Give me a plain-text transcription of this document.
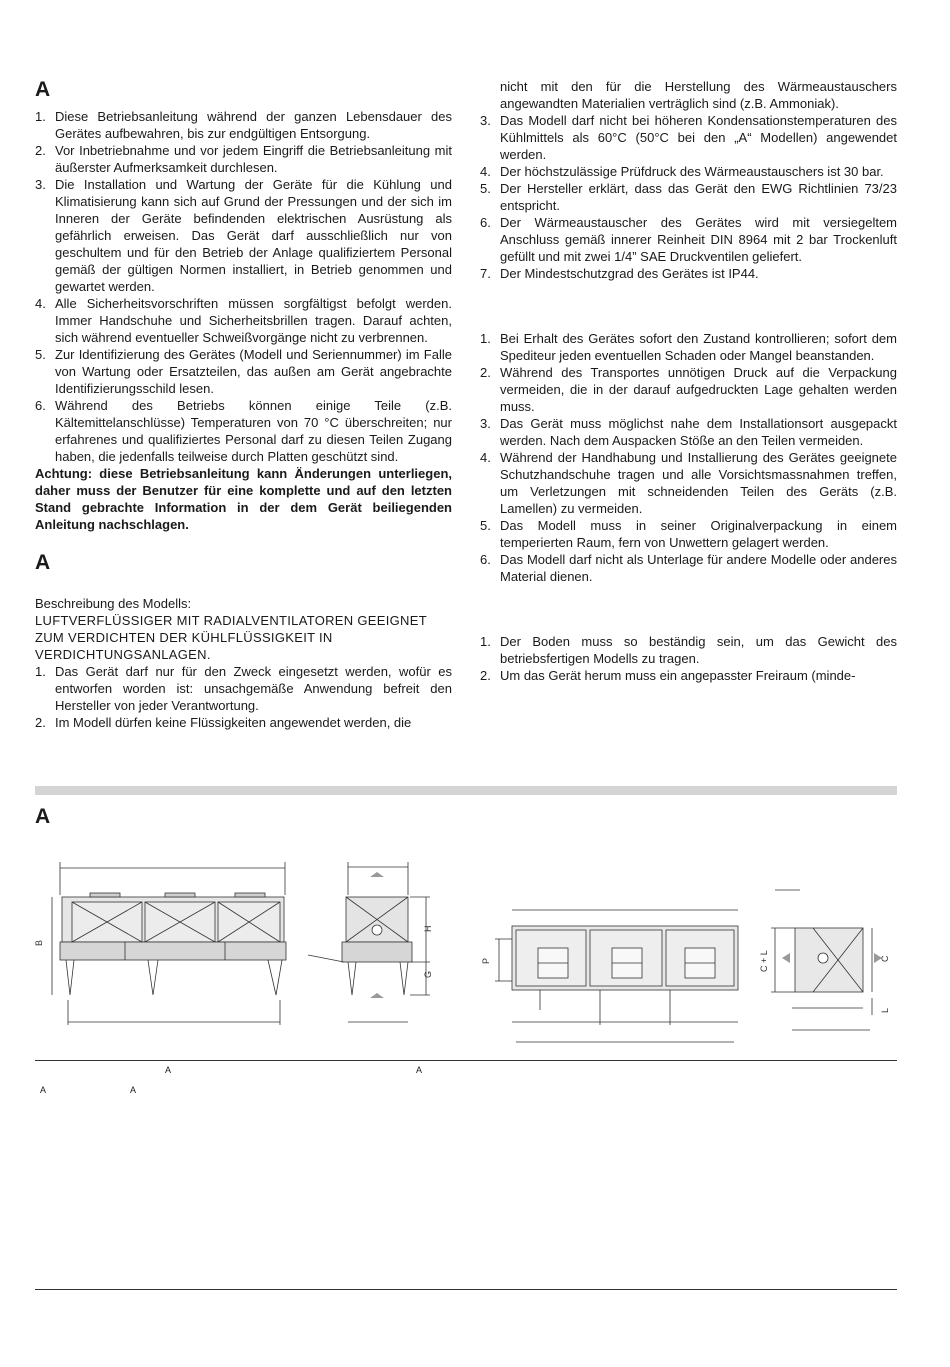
A
1. Diese Betriebsanleitung während der ganzen Lebensdauer des Gerätes aufbewahren, bis zur endgültigen Entsorgung.
2. Vor Inbetriebnahme und vor jedem Eingriff die Betriebsanleitung mit äußerster Aufmerksamkeit durchlesen.
3. Die Installation und Wartung der Geräte für die Kühlung und Klimatisierung kann sich auf Grund der Pressungen und der sich im Inneren der Geräte befindenden elektrischen Ausrüstung als gefährlich erweisen. Das Gerät darf ausschließlich nur von geschultem und für den Betrieb der Anlage qualifiziertem Personal gemäß der gültigen Normen installiert, in Betrieb genommen und gewartet werden.
4. Alle Sicherheitsvorschriften müssen sorgfältigst befolgt werden. Immer Handschuhe und Sicherheitsbrillen tragen. Darauf achten, sich während eventueller Schweißvorgänge nicht zu verbrennen.
5. Zur Identifizierung des Gerätes (Modell und Seriennummer) im Falle von Wartung oder Ersatzteilen, das außen am Gerät angebrachte Identifizierungsschild lesen.
6. Während des Betriebs können einige Teile (z.B. Kältemittelanschlüsse) Temperaturen von 70 °C überschreiten; nur erfahrenes und qualifiziertes Personal darf zu diesen Teilen Zugang haben, die jedenfalls teilweise durch Platten geschützt sind.
Achtung: diese Betriebsanleitung kann Änderungen unterliegen, daher muss der Benutzer für eine komplette und auf den letzten Stand gebrachte Information in der dem Gerät beiliegenden Anleitung nachschlagen.
A

Beschreibung des Modells:

LUFTVERFLÜSSIGER MIT RADIALVENTILATOREN GEEIGNET ZUM VERDICHTEN DER KÜHLFLÜSSIGKEIT IN VERDICHTUNGSANLAGEN.

1. Das Gerät darf nur für den Zweck eingesetzt werden, wofür es entworfen worden ist: unsachgemäße Anwendung befreit den Hersteller von jeder Verantwortung.
2. Im Modell dürfen keine Flüssigkeiten angewendet werden, die

nicht mit den für die Herstellung des Wärmeaustauschers angewandten Materialien verträglich sind (z.B. Ammoniak).

3. Das Modell darf nicht bei höheren Kondensationstemperaturen des Kühlmittels als 60°C (50°C bei den „A“ Modellen) angewendet werden.
4. Der höchstzulässige Prüfdruck des Wärmeaustauschers ist 30 bar.
5. Der Hersteller erklärt, dass das Gerät den EWG Richtlinien 73/23 entspricht.
6. Der Wärmeaustauscher des Gerätes wird mit versiegeltem Anschluss gemäß innerer Reinheit DIN 8964 mit 2 bar Trockenluft gefüllt und mit zwei 1/4” SAE Druckventilen geliefert.
7. Der Mindestschutzgrad des Gerätes ist IP44.
1. Bei Erhalt des Gerätes sofort den Zustand kontrollieren; sofort dem Spediteur jeden eventuellen Schaden oder Mangel beanstanden.
2. Während des Transportes unnötigen Druck auf die Verpackung vermeiden, die in der darauf aufgedruckten Lage gehalten werden muss.
3. Das Gerät muss möglichst nahe dem Installationsort ausgepackt werden. Nach dem Auspacken Stöße an den Teilen vermeiden.
4. Während der Handhabung und Installierung des Gerätes geeignete Schutzhandschuhe tragen und alle Vorsichtsmassnahmen treffen, um Verletzungen mit schneidenden Teilen des Geräts (z.B. Lamellen) zu vermeiden.
5. Das Modell muss in seiner Originalverpackung in einem temperierten Raum, fern von Unwettern gelagert werden.
6. Das Modell darf nicht als Unterlage für andere Modelle oder anderes Material dienen.
1. Der Boden muss so beständig sein, um das Gewicht des betriebsfertigen Modells zu tragen.
2. Um das Gerät herum muss ein angepasster Freiraum (minde-
A
B
H
G
P	C + L	C
L
A	A
A	A
